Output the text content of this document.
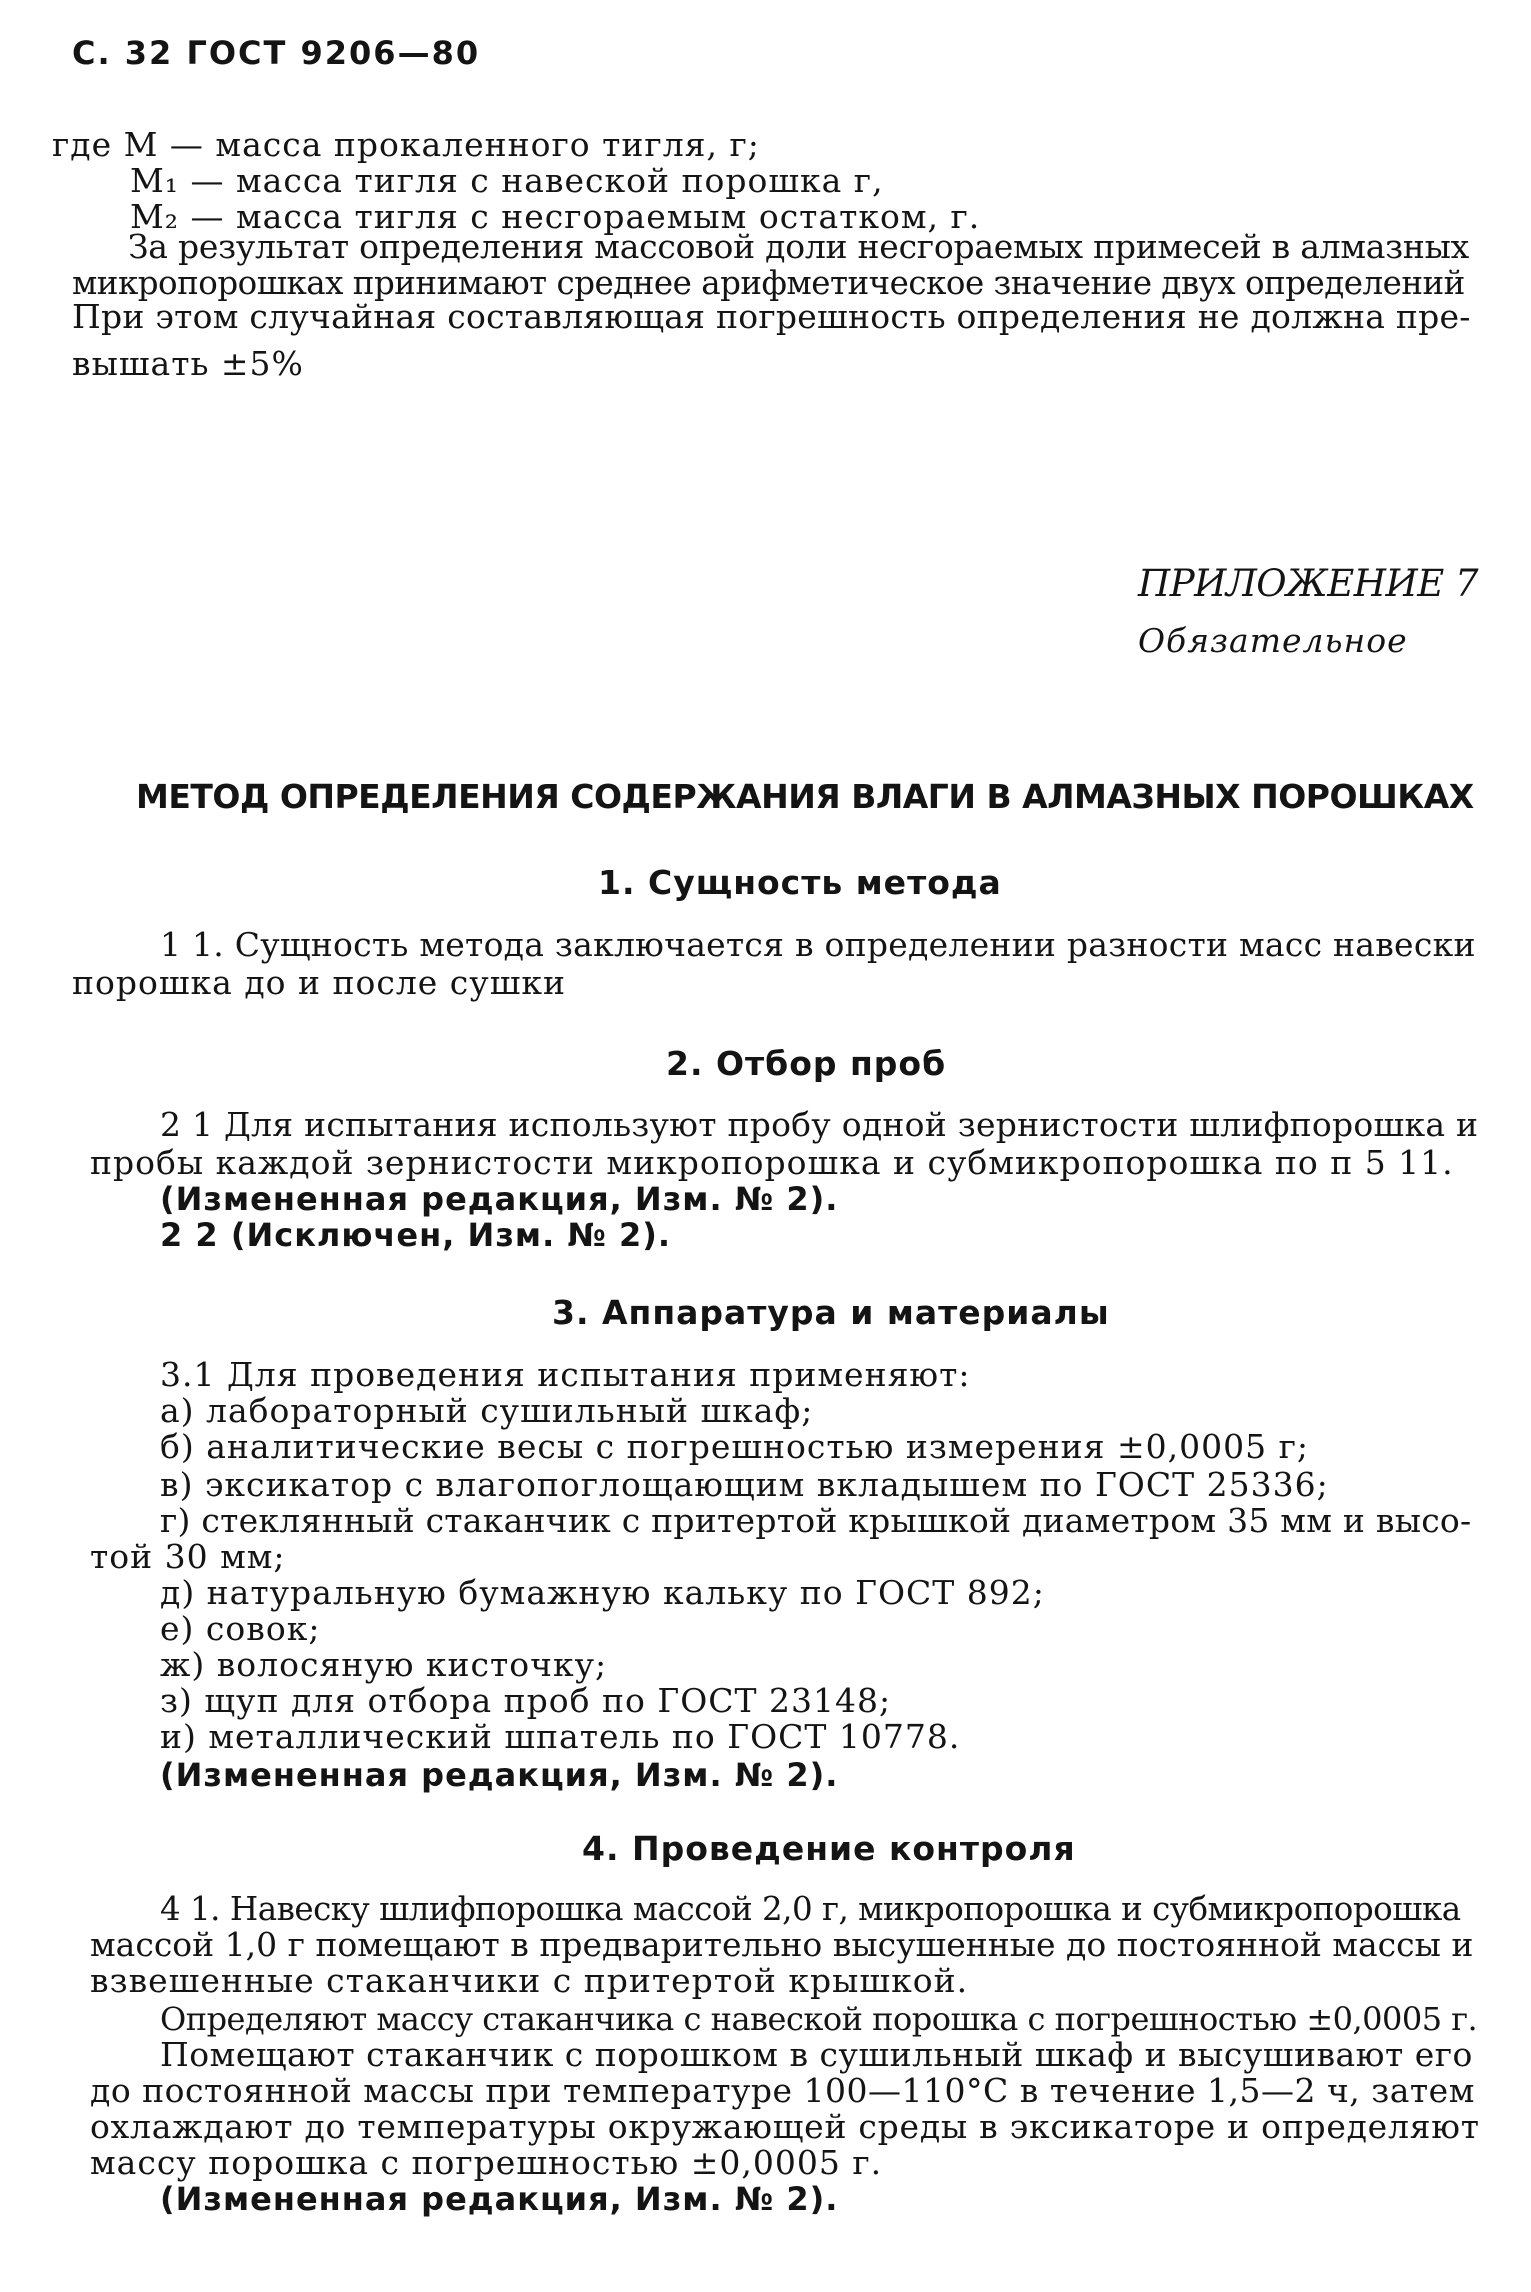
С. 32 ГОСТ 9206—80
где M — масса прокаленного тигля, г;
M₁ — масса тигля с навеской порошка г,
M₂ — масса тигля с несгораемым остатком, г.
За результат определения массовой доли несгораемых примесей в алмазных
микропорошках принимают среднее арифметическое значение двух определений
При этом случайная составляющая погрешность определения не должна пре-
вышать ±5%
ПРИЛОЖЕНИЕ 7
Обязательное
МЕТОД ОПРЕДЕЛЕНИЯ СОДЕРЖАНИЯ ВЛАГИ В АЛМАЗНЫХ ПОРОШКАХ
1. Сущность метода
1 1. Сущность метода заключается в определении разности масс навески
порошка до и после сушки
2. Отбор проб
2 1 Для испытания используют пробу одной зернистости шлифпорошка и
пробы каждой зернистости микропорошка и субмикропорошка по п 5 11.
(Измененная редакция, Изм. № 2).
2 2 (Исключен, Изм. № 2).
3. Аппаратура и материалы
3.1 Для проведения испытания применяют:
а) лабораторный сушильный шкаф;
б) аналитические весы с погрешностью измерения ±0,0005 г;
в) эксикатор с влагопоглощающим вкладышем по ГОСТ 25336;
г) стеклянный стаканчик с притертой крышкой диаметром 35 мм и высо-
той 30 мм;
д) натуральную бумажную кальку по ГОСТ 892;
е) совок;
ж) волосяную кисточку;
з) щуп для отбора проб по ГОСТ 23148;
и) металлический шпатель по ГОСТ 10778.
(Измененная редакция, Изм. № 2).
4. Проведение контроля
4 1. Навеску шлифпорошка массой 2,0 г, микропорошка и субмикропорошка
массой 1,0 г помещают в предварительно высушенные до постоянной массы и
взвешенные стаканчики с притертой крышкой.
Определяют массу стаканчика с навеской порошка с погрешностью ±0,0005 г.
Помещают стаканчик с порошком в сушильный шкаф и высушивают его
до постоянной массы при температуре 100—110°C в течение 1,5—2 ч, затем
охлаждают до температуры окружающей среды в эксикаторе и определяют
массу порошка с погрешностью ±0,0005 г.
(Измененная редакция, Изм. № 2).
